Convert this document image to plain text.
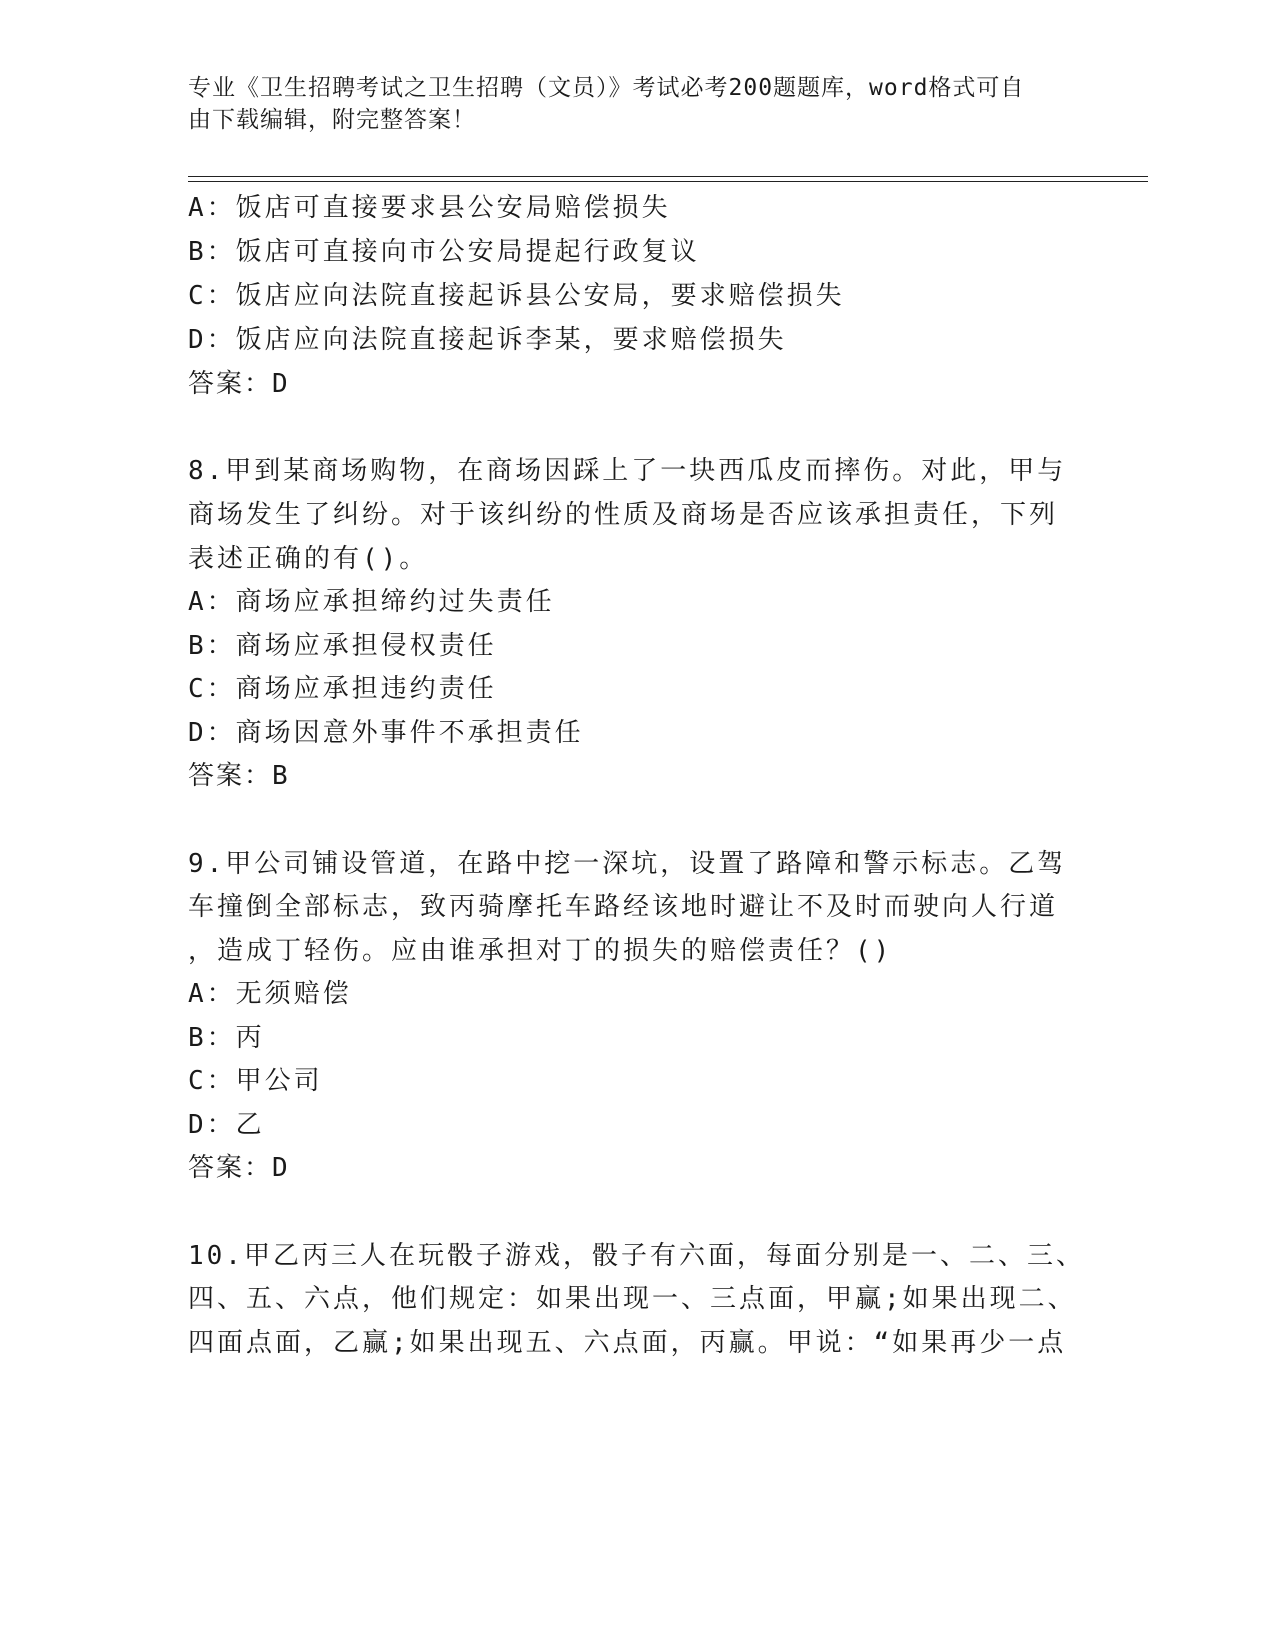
专业《卫生招聘考试之卫生招聘（文员）》考试必考200题题库，word格式可自
由下载编辑，附完整答案！
A：饭店可直接要求县公安局赔偿损失
B：饭店可直接向市公安局提起行政复议
C：饭店应向法院直接起诉县公安局，要求赔偿损失
D：饭店应向法院直接起诉李某，要求赔偿损失
答案：D
8.甲到某商场购物，在商场因踩上了一块西瓜皮而摔伤。对此，甲与
商场发生了纠纷。对于该纠纷的性质及商场是否应该承担责任，下列
表述正确的有()。
A：商场应承担缔约过失责任
B：商场应承担侵权责任
C：商场应承担违约责任
D：商场因意外事件不承担责任
答案：B
9.甲公司铺设管道，在路中挖一深坑，设置了路障和警示标志。乙驾
车撞倒全部标志，致丙骑摩托车路经该地时避让不及时而驶向人行道
，造成丁轻伤。应由谁承担对丁的损失的赔偿责任？()
A：无须赔偿
B：丙
C：甲公司
D：乙
答案：D
10.甲乙丙三人在玩骰子游戏，骰子有六面，每面分别是一、二、三、
四、五、六点，他们规定：如果出现一、三点面，甲赢;如果出现二、
四面点面，乙赢;如果出现五、六点面，丙赢。甲说：“如果再少一点
